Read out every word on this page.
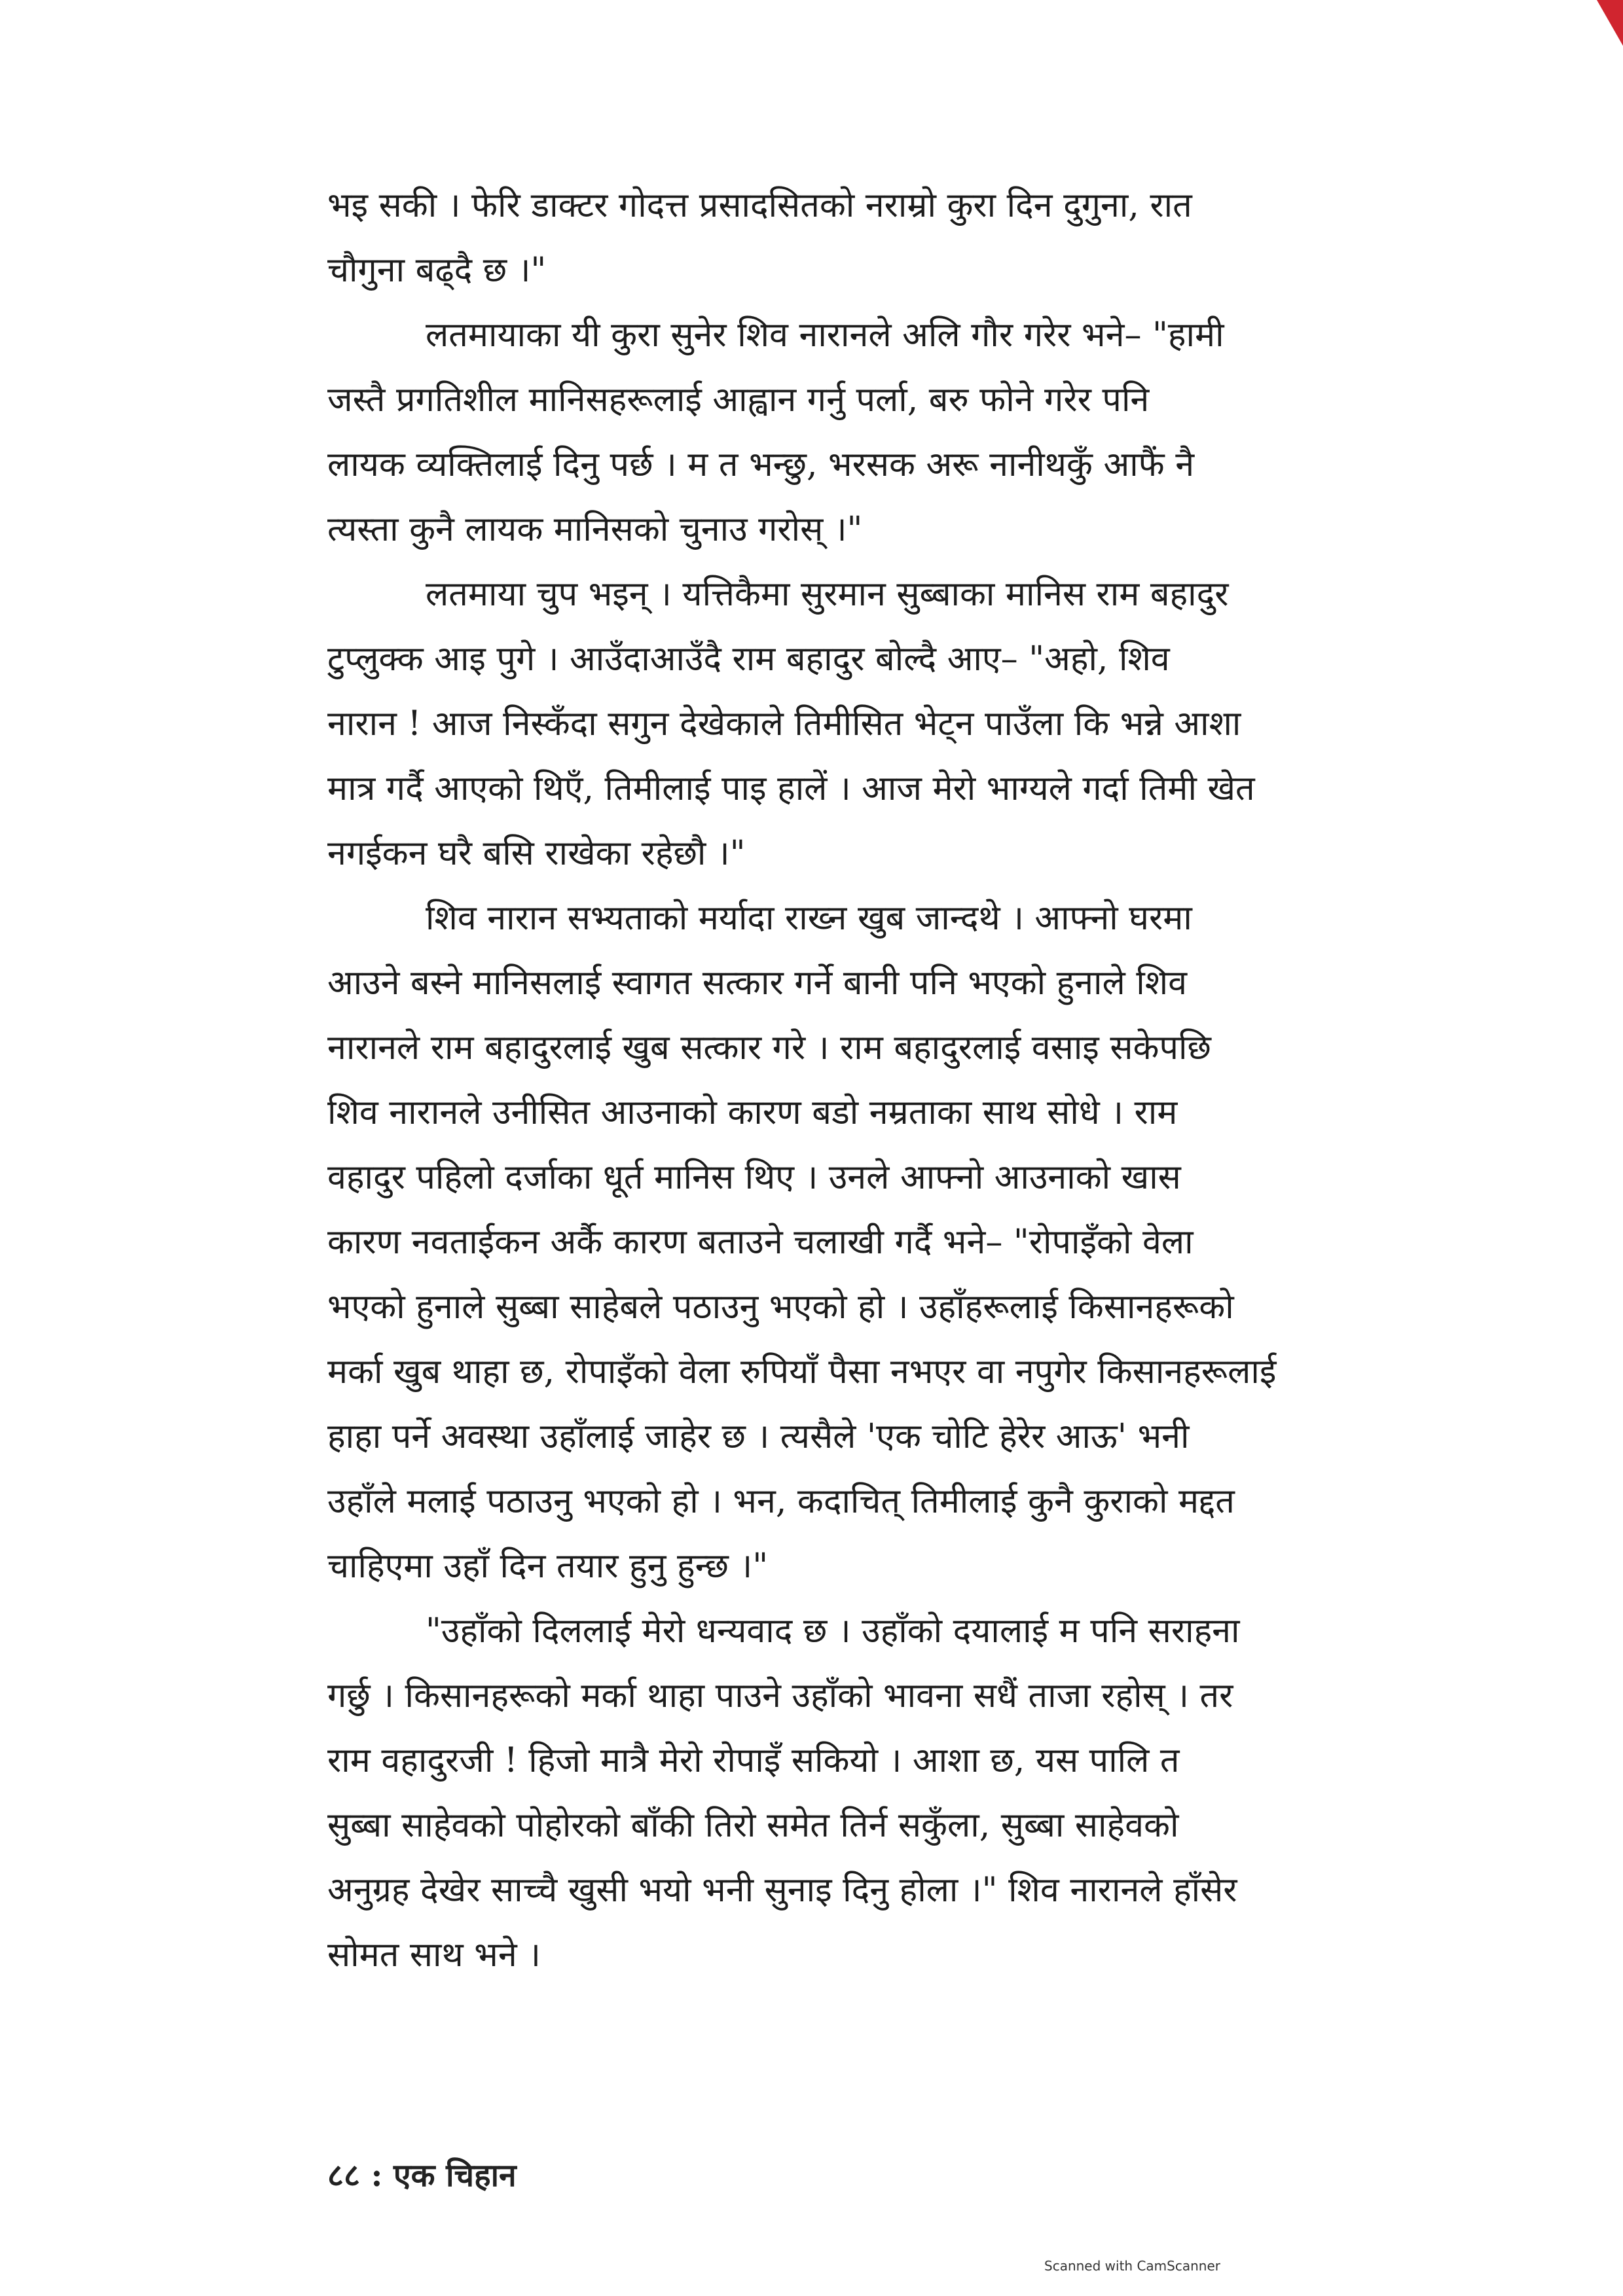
भइ सकी । फेरि डाक्टर गोदत्त प्रसादसितको नराम्रो कुरा दिन दुगुना, रात
चौगुना बढ्दै छ ।"
लतमायाका यी कुरा सुनेर शिव नारानले अलि गौर गरेर भने– "हामी
जस्तै प्रगतिशील मानिसहरूलाई आह्वान गर्नु पर्ला, बरु फोने गरेर पनि
लायक व्यक्तिलाई दिनु पर्छ । म त भन्छु, भरसक अरू नानीथकुँ आफैं नै
त्यस्ता कुनै लायक मानिसको चुनाउ गरोस् ।"
लतमाया चुप भइन् । यत्तिकैमा सुरमान सुब्बाका मानिस राम बहादुर
टुप्लुक्क आइ पुगे । आउँदाआउँदै राम बहादुर बोल्दै आए– "अहो, शिव
नारान ! आज निस्कँदा सगुन देखेकाले तिमीसित भेट्न पाउँला कि भन्ने आशा
मात्र गर्दै आएको थिएँ, तिमीलाई पाइ हालें । आज मेरो भाग्यले गर्दा तिमी खेत
नगईकन घरै बसि राखेका रहेछौ ।"
शिव नारान सभ्यताको मर्यादा राख्न खुब जान्दथे । आफ्नो घरमा
आउने बस्ने मानिसलाई स्वागत सत्कार गर्ने बानी पनि भएको हुनाले शिव
नारानले राम बहादुरलाई खुब सत्कार गरे । राम बहादुरलाई वसाइ सकेपछि
शिव नारानले उनीसित आउनाको कारण बडो नम्रताका साथ सोधे । राम
वहादुर पहिलो दर्जाका धूर्त मानिस थिए । उनले आफ्नो आउनाको खास
कारण नवताईकन अर्कै कारण बताउने चलाखी गर्दै भने– "रोपाइँको वेला
भएको हुनाले सुब्बा साहेबले पठाउनु भएको हो । उहाँहरूलाई किसानहरूको
मर्का खुब थाहा छ, रोपाइँको वेला रुपियाँ पैसा नभएर वा नपुगेर किसानहरूलाई
हाहा पर्ने अवस्था उहाँलाई जाहेर छ । त्यसैले 'एक चोटि हेरेर आऊ' भनी
उहाँले मलाई पठाउनु भएको हो । भन, कदाचित् तिमीलाई कुनै कुराको मद्दत
चाहिएमा उहाँ दिन तयार हुनु हुन्छ ।"
"उहाँको दिललाई मेरो धन्यवाद छ । उहाँको दयालाई म पनि सराहना
गर्छु । किसानहरूको मर्का थाहा पाउने उहाँको भावना सधैं ताजा रहोस् । तर
राम वहादुरजी ! हिजो मात्रै मेरो रोपाइँ सकियो । आशा छ, यस पालि त
सुब्बा साहेवको पोहोरको बाँकी तिरो समेत तिर्न सकुँला, सुब्बा साहेवको
अनुग्रह देखेर साच्चै खुसी भयो भनी सुनाइ दिनु होला ।" शिव नारानले हाँसेर
सोमत साथ भने ।
८८ : एक चिहान
Scanned with CamScanner
